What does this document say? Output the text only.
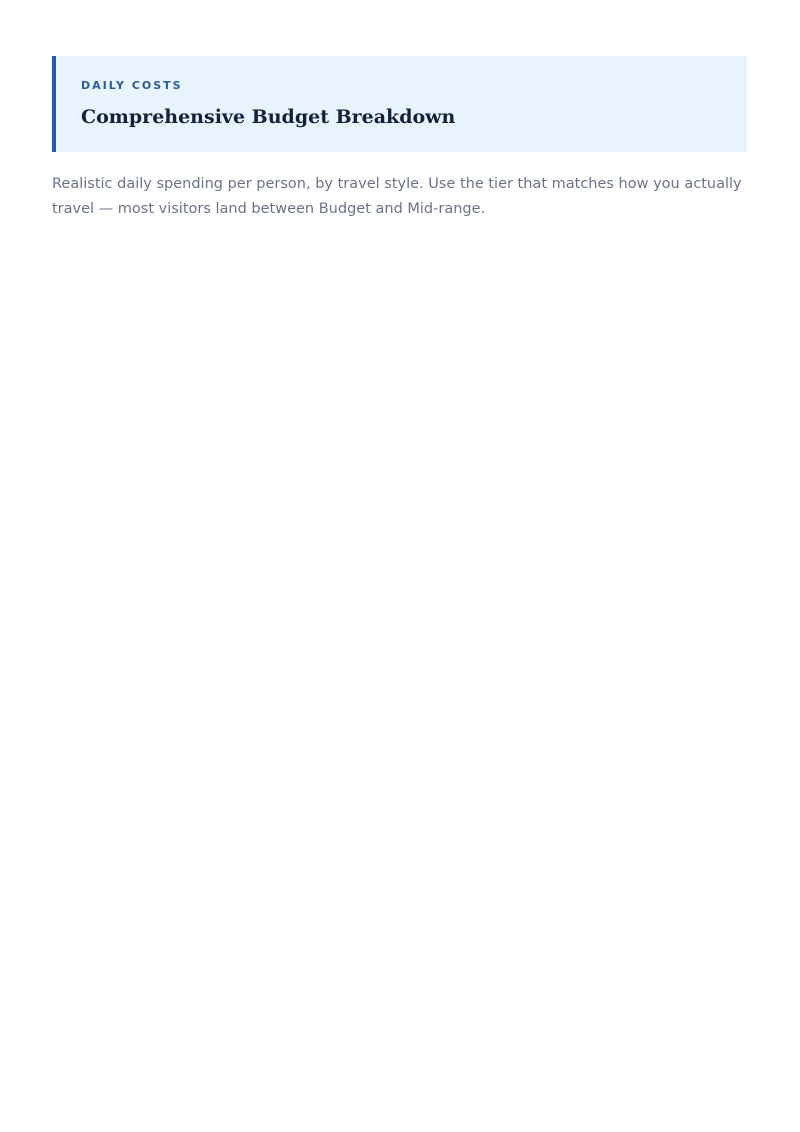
DAILY COSTS

Comprehensive Budget Breakdown

Realistic daily spending per person, by travel style. Use the tier that matches how you actually travel — most visitors land between Budget and Mid-range.
